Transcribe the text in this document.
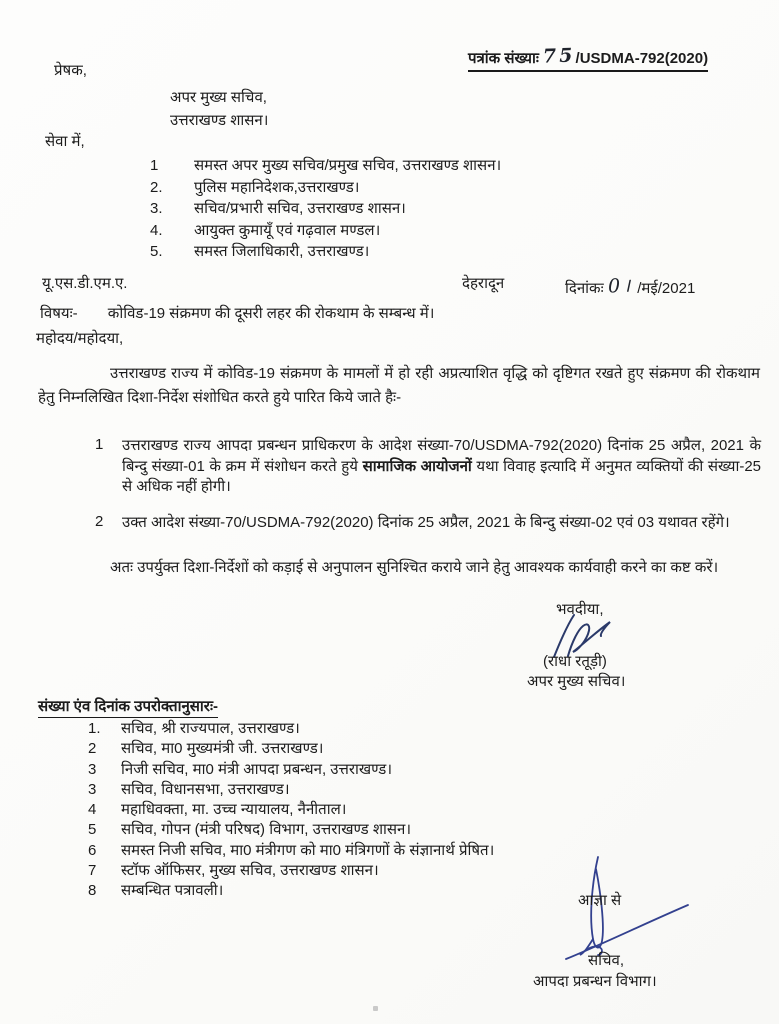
पत्रांक संख्याः 75/USDMA-792(2020)
प्रेषक,
अपर मुख्य सचिव,
उत्तराखण्ड शासन।
सेवा में,
1	समस्त अपर मुख्य सचिव/प्रमुख सचिव, उत्तराखण्ड शासन।
2.	पुलिस महानिदेशक,उत्तराखण्ड।
3.	सचिव/प्रभारी सचिव, उत्तराखण्ड शासन।
4.	आयुक्त कुमायूँ एवं गढ़वाल मण्डल।
5.	समस्त जिलाधिकारी, उत्तराखण्ड।
यू.एस.डी.एम.ए.	देहरादून	दिनांकः 0। /मई/2021
विषयः- कोविड-19 संक्रमण की दूसरी लहर की रोकथाम के सम्बन्ध में।
महोदय/महोदया,
उत्तराखण्ड राज्य में कोविड-19 संक्रमण के मामलों में हो रही अप्रत्याशित वृद्धि को दृष्टिगत रखते हुए संक्रमण की रोकथाम हेतु निम्नलिखित दिशा-निर्देश संशोधित करते हुये पारित किये जाते हैः-
1	उत्तराखण्ड राज्य आपदा प्रबन्धन प्राधिकरण के आदेश संख्या-70/USDMA-792(2020) दिनांक 25 अप्रैल, 2021 के बिन्दु संख्या-01 के क्रम में संशोधन करते हुये सामाजिक आयोजनों यथा विवाह इत्यादि में अनुमत व्यक्तियों की संख्या-25 से अधिक नहीं होगी।
2	उक्त आदेश संख्या-70/USDMA-792(2020) दिनांक 25 अप्रैल, 2021 के बिन्दु संख्या-02 एवं 03 यथावत रहेंगे।
अतः उपर्युक्त दिशा-निर्देशों को कड़ाई से अनुपालन सुनिश्चित कराये जाने हेतु आवश्यक कार्यवाही करने का कष्ट करें।
भवदीया,
(राधा रतूड़ी)
अपर मुख्य सचिव।
संख्या एंव दिनांक उपरोक्तानुसारः-
1.	सचिव, श्री राज्यपाल, उत्तराखण्ड।
2	सचिव, मा0 मुख्यमंत्री जी. उत्तराखण्ड।
3	निजी सचिव, मा0 मंत्री आपदा प्रबन्धन, उत्तराखण्ड।
3	सचिव, विधानसभा, उत्तराखण्ड।
4	महाधिवक्ता, मा. उच्च न्यायालय, नैनीताल।
5	सचिव, गोपन (मंत्री परिषद) विभाग, उत्तराखण्ड शासन।
6	समस्त निजी सचिव, मा0 मंत्रीगण को मा0 मंत्रिगणों के संज्ञानार्थ प्रेषित।
7	स्टॉफ ऑफिसर, मुख्य सचिव, उत्तराखण्ड शासन।
8	सम्बन्धित पत्रावली।
आज्ञा से
सचिव,
आपदा प्रबन्धन विभाग।
